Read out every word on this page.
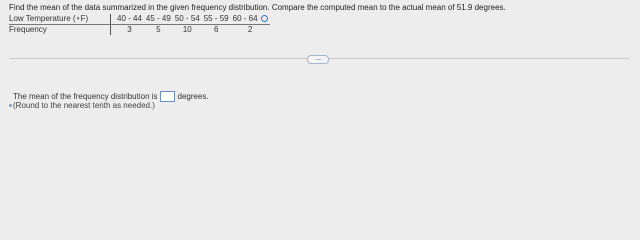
Find the mean of the data summarized in the given frequency distribution. Compare the computed mean to the actual mean of 51.9 degrees.
Low Temperature (∘F)	40 - 44	45 - 49	50 - 54	55 - 59	60 - 64
Frequency	3	5	10	6	2
.....
The mean of the frequency distribution is	degrees.
(Round to the nearest tenth as needed.)
